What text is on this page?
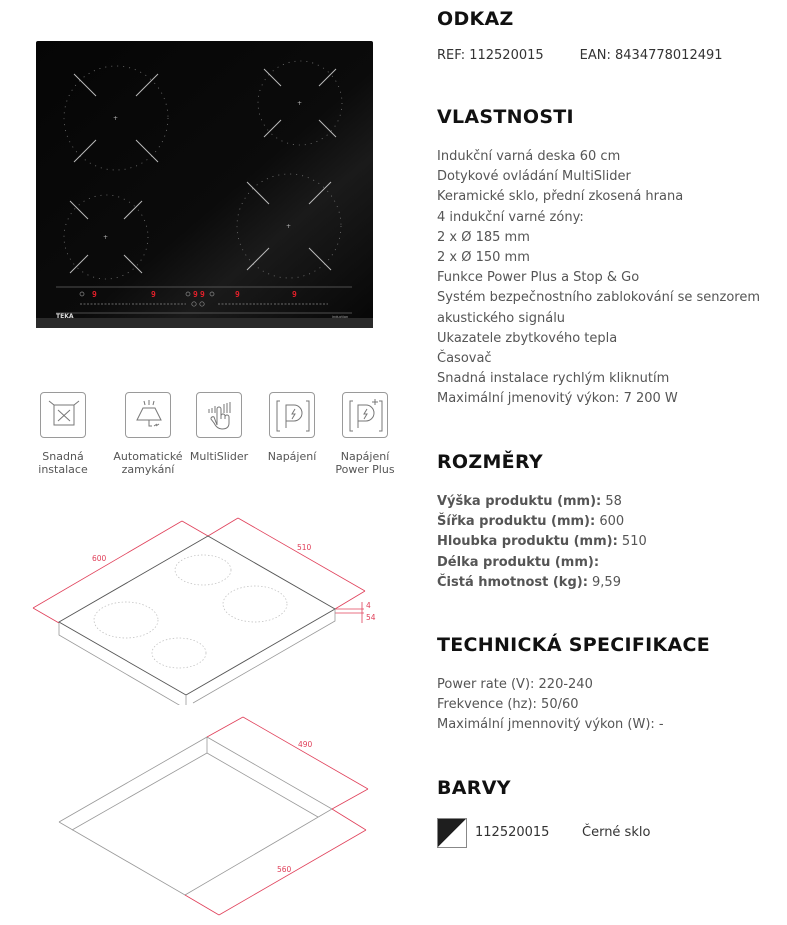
+
+
+
+
9	9	9 9	9	9
TEKA	induction
Snadná
instalace
Automatické
zamykání
MultiSlider	Napájení	Napájení
Power Plus
600
510
4
54
490
560
ODKAZ
REF: 112520015	EAN: 8434778012491
VLASTNOSTI
Indukční varná deska 60 cm
Dotykové ovládání MultiSlider
Keramické sklo, přední zkosená hrana
4 indukční varné zóny:
2 x Ø 185 mm
2 x Ø 150 mm
Funkce Power Plus a Stop & Go
Systém bezpečnostního zablokování se senzorem
akustického signálu
Ukazatele zbytkového tepla
Časovač
Snadná instalace rychlým kliknutím
Maximální jmenovitý výkon: 7 200 W
ROZMĚRY
Výška produktu (mm): 58
Šířka produktu (mm): 600
Hloubka produktu (mm): 510
Délka produktu (mm):
Čistá hmotnost (kg): 9,59
TECHNICKÁ SPECIFIKACE
Power rate (V): 220-240
Frekvence (hz): 50/60
Maximální jmennovitý výkon (W): -
BARVY
112520015	Černé sklo
